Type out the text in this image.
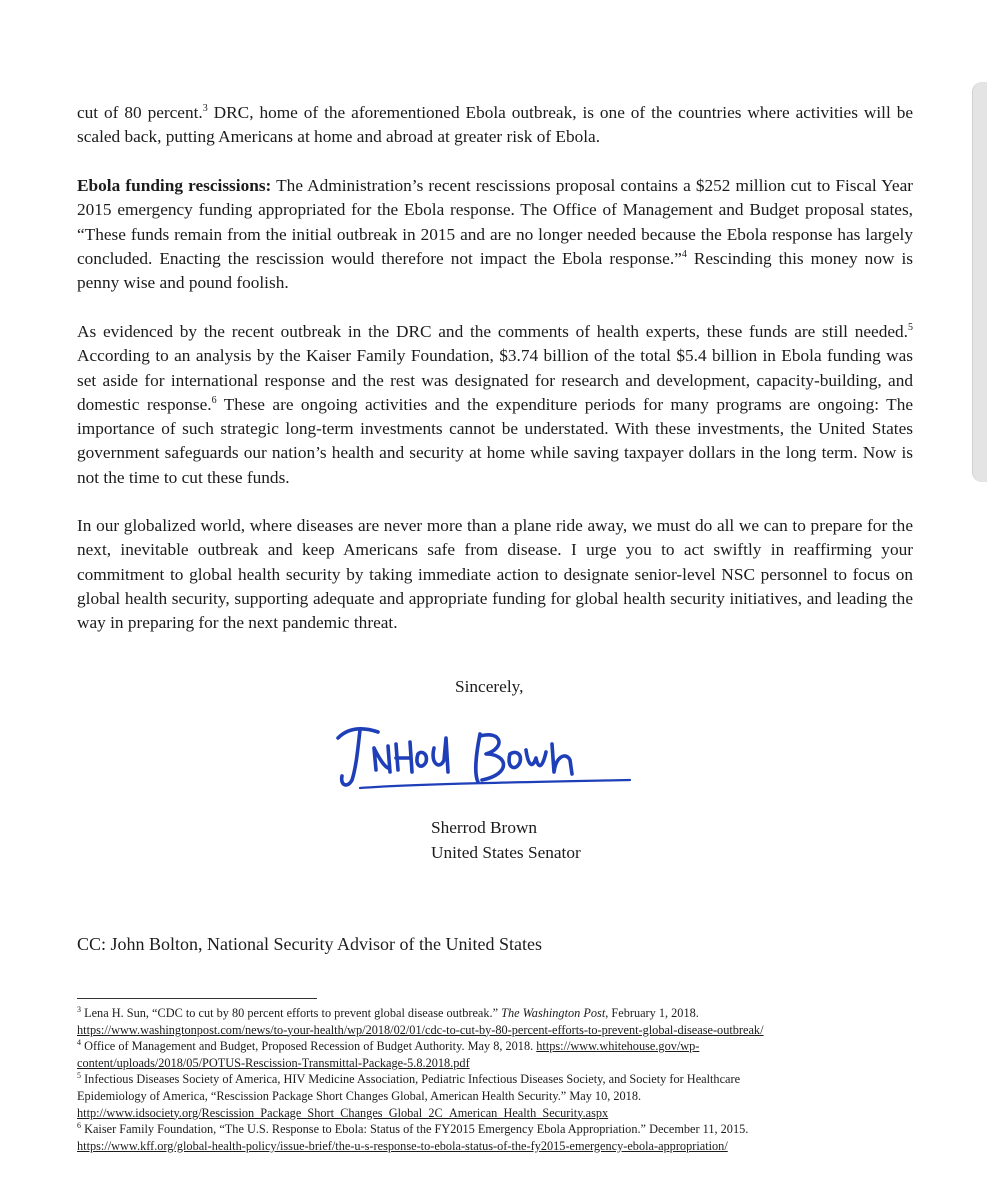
cut of 80 percent.$^3$ DRC, home of the aforementioned Ebola outbreak, is one of the countries where activities will be scaled back, putting Americans at home and abroad at greater risk of Ebola.

Ebola funding rescissions: The Administration’s recent rescissions proposal contains a $252 million cut to Fiscal Year 2015 emergency funding appropriated for the Ebola response. The Office of Management and Budget proposal states, “These funds remain from the initial outbreak in 2015 and are no longer needed because the Ebola response has largely concluded. Enacting the rescission would therefore not impact the Ebola response.”$^4$ Rescinding this money now is penny wise and pound foolish.

As evidenced by the recent outbreak in the DRC and the comments of health experts, these funds are still needed.$^5$ According to an analysis by the Kaiser Family Foundation, $3.74 billion of the total $5.4 billion in Ebola funding was set aside for international response and the rest was designated for research and development, capacity-building, and domestic response.$^6$ These are ongoing activities and the expenditure periods for many programs are ongoing: The importance of such strategic long-term investments cannot be understated. With these investments, the United States government safeguards our nation’s health and security at home while saving taxpayer dollars in the long term. Now is not the time to cut these funds.

In our globalized world, where diseases are never more than a plane ride away, we must do all we can to prepare for the next, inevitable outbreak and keep Americans safe from disease. I urge you to act swiftly in reaffirming your commitment to global health security by taking immediate action to designate senior-level NSC personnel to focus on global health security, supporting adequate and appropriate funding for global health security initiatives, and leading the way in preparing for the next pandemic threat.

Sincerely,
Sherrod Brown
United States Senator
CC: John Bolton, National Security Advisor of the United States
$^3$ Lena H. Sun, “CDC to cut by 80 percent efforts to prevent global disease outbreak.” The Washington Post, February 1, 2018.
https://www.washingtonpost.com/news/to-your-health/wp/2018/02/01/cdc-to-cut-by-80-percent-efforts-to-prevent-global-disease-outbreak/
$^4$ Office of Management and Budget, Proposed Recession of Budget Authority. May 8, 2018. https://www.whitehouse.gov/wp-
content/uploads/2018/05/POTUS-Rescission-Transmittal-Package-5.8.2018.pdf
$^5$ Infectious Diseases Society of America, HIV Medicine Association, Pediatric Infectious Diseases Society, and Society for Healthcare
Epidemiology of America, “Rescission Package Short Changes Global, American Health Security.” May 10, 2018.
http://www.idsociety.org/Rescission_Package_Short_Changes_Global_2C_American_Health_Security.aspx
$^6$ Kaiser Family Foundation, “The U.S. Response to Ebola: Status of the FY2015 Emergency Ebola Appropriation.” December 11, 2015.
https://www.kff.org/global-health-policy/issue-brief/the-u-s-response-to-ebola-status-of-the-fy2015-emergency-ebola-appropriation/
